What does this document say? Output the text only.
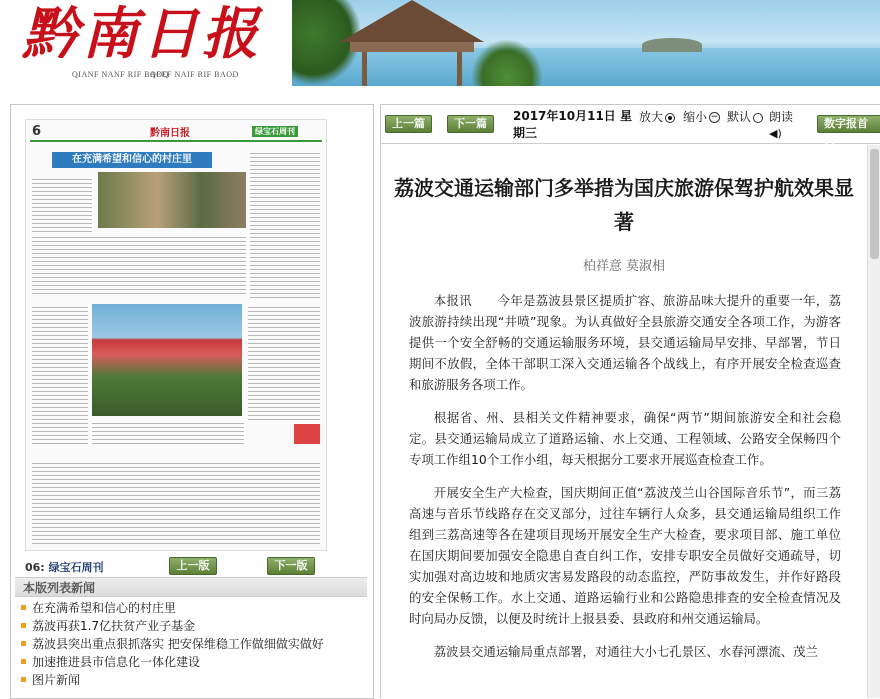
黔南日报
QIANF NANF RIF BAOQ
QEEF NAIF RIF BAOD
6	黔南日报	绿宝石周刊
在充满希望和信心的村庄里
06: 绿宝石周刊	上一版	下一版
本版列表新闻
在充满希望和信心的村庄里
荔波再获1.7亿扶贫产业子基金
荔波县突出重点狠抓落实 把安保维稳工作做细做实做好
加速推进县市信息化一体化建设
图片新闻
上一篇	下一篇
2017年10月11日 星期三
放大	缩小 − 默认	朗读◀)
数字报首页
荔波交通运输部门多举措为国庆旅游保驾护航效果显著
柏祥意 莫淑相

本报讯　　今年是荔波县景区提质扩容、旅游品味大提升的重要一年，荔波旅游持续出现“井喷”现象。为认真做好全县旅游交通安全各项工作，为游客提供一个安全舒畅的交通运输服务环境，县交通运输局早安排、早部署，节日期间不放假，全体干部职工深入交通运输各个战线上，有序开展安全检查巡查和旅游服务各项工作。

根据省、州、县相关文件精神要求，确保“两节”期间旅游安全和社会稳定。县交通运输局成立了道路运输、水上交通、工程领域、公路安全保畅四个专项工作组10个工作小组，每天根据分工要求开展巡查检查工作。

开展安全生产大检查，国庆期间正值“荔波茂兰山谷国际音乐节”，而三荔高速与音乐节线路存在交叉部分，过往车辆行人众多，县交通运输局组织工作组到三荔高速等各在建项目现场开展安全生产大检查，要求项目部、施工单位在国庆期间要加强安全隐患自查自纠工作，安排专职安全员做好交通疏导，切实加强对高边坡和地质灾害易发路段的动态监控，严防事故发生，并作好路段的安全保畅工作。水上交通、道路运输行业和公路隐患排查的安全检查情况及时向局办反馈，以便及时统计上报县委、县政府和州交通运输局。

荔波县交通运输局重点部署，对通往大小七孔景区、水春河漂流、茂兰
